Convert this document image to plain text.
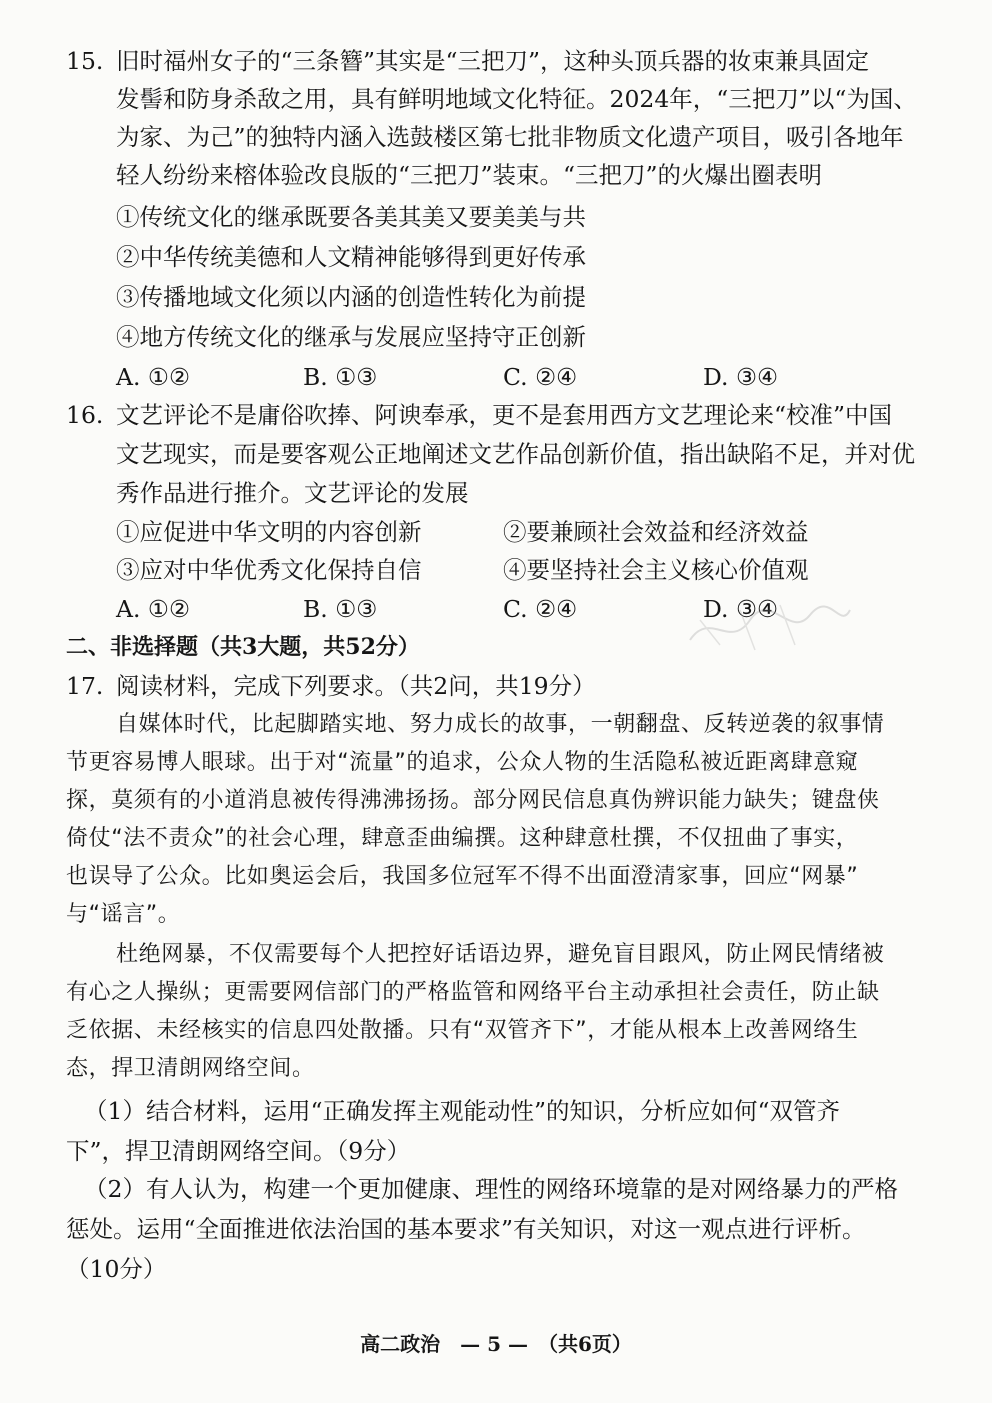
15. 旧时福州女子的“三条簪”其实是“三把刀”，这种头顶兵器的妆束兼具固定
发髻和防身杀敌之用，具有鲜明地域文化特征。2024年，“三把刀”以“为国、
为家、为己”的独特内涵入选鼓楼区第七批非物质文化遗产项目，吸引各地年
轻人纷纷来榕体验改良版的“三把刀”装束。“三把刀”的火爆出圈表明
①传统文化的继承既要各美其美又要美美与共
②中华传统美德和人文精神能够得到更好传承
③传播地域文化须以内涵的创造性转化为前提
④地方传统文化的继承与发展应坚持守正创新
A. ①②	B. ①③	C. ②④	D. ③④
16. 文艺评论不是庸俗吹捧、阿谀奉承，更不是套用西方文艺理论来“校准”中国
文艺现实，而是要客观公正地阐述文艺作品创新价值，指出缺陷不足，并对优
秀作品进行推介。文艺评论的发展
①应促进中华文明的内容创新	②要兼顾社会效益和经济效益
③应对中华优秀文化保持自信	④要坚持社会主义核心价值观
A. ①②	B. ①③	C. ②④	D. ③④
二、非选择题（共3大题，共52分）
17. 阅读材料，完成下列要求。（共2问，共19分）
自媒体时代，比起脚踏实地、努力成长的故事，一朝翻盘、反转逆袭的叙事情
节更容易博人眼球。出于对“流量”的追求，公众人物的生活隐私被近距离肆意窥
探，莫须有的小道消息被传得沸沸扬扬。部分网民信息真伪辨识能力缺失；键盘侠
倚仗“法不责众”的社会心理，肆意歪曲编撰。这种肆意杜撰，不仅扭曲了事实，
也误导了公众。比如奥运会后，我国多位冠军不得不出面澄清家事，回应“网暴”
与“谣言”。
杜绝网暴，不仅需要每个人把控好话语边界，避免盲目跟风，防止网民情绪被
有心之人操纵；更需要网信部门的严格监管和网络平台主动承担社会责任，防止缺
乏依据、未经核实的信息四处散播。只有“双管齐下”，才能从根本上改善网络生
态，捍卫清朗网络空间。
（1）结合材料，运用“正确发挥主观能动性”的知识，分析应如何“双管齐
下”，捍卫清朗网络空间。（9分）
（2）有人认为，构建一个更加健康、理性的网络环境靠的是对网络暴力的严格
惩处。运用“全面推进依法治国的基本要求”有关知识，对这一观点进行评析。
（10分）
高二政治　— 5 —　（共6页）
